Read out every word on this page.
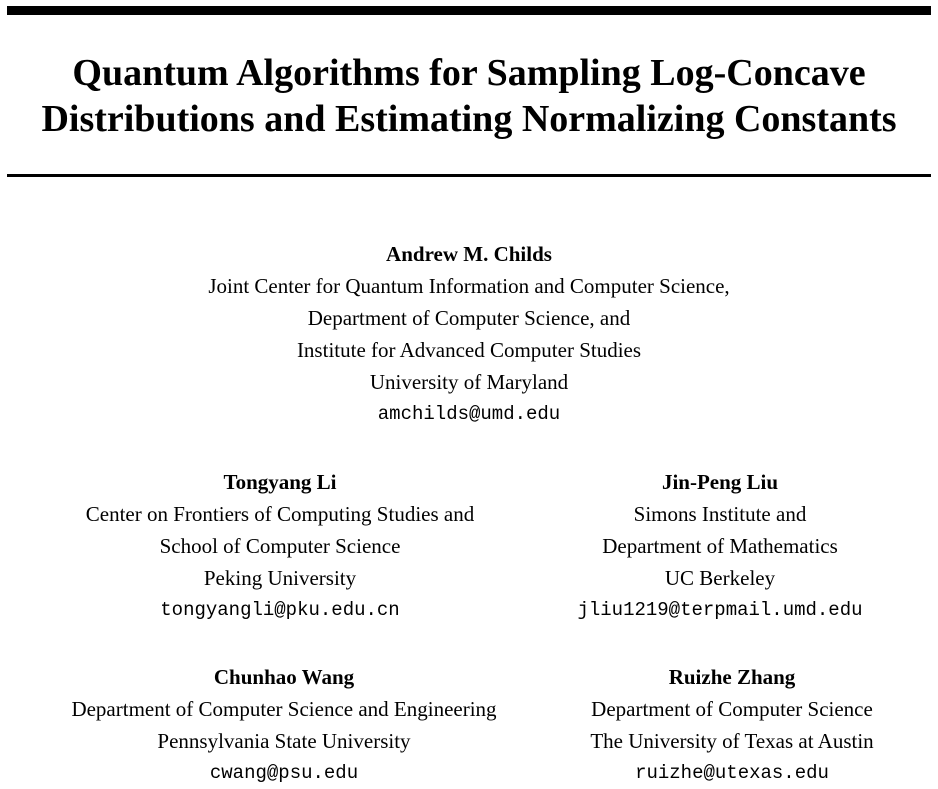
Quantum Algorithms for Sampling Log-Concave
Distributions and Estimating Normalizing Constants
Andrew M. Childs
Joint Center for Quantum Information and Computer Science,
Department of Computer Science, and
Institute for Advanced Computer Studies
University of Maryland
amchilds@umd.edu
Tongyang Li
Center on Frontiers of Computing Studies and
School of Computer Science
Peking University
tongyangli@pku.edu.cn
Jin-Peng Liu
Simons Institute and
Department of Mathematics
UC Berkeley
jliu1219@terpmail.umd.edu
Chunhao Wang
Department of Computer Science and Engineering
Pennsylvania State University
cwang@psu.edu
Ruizhe Zhang
Department of Computer Science
The University of Texas at Austin
ruizhe@utexas.edu
